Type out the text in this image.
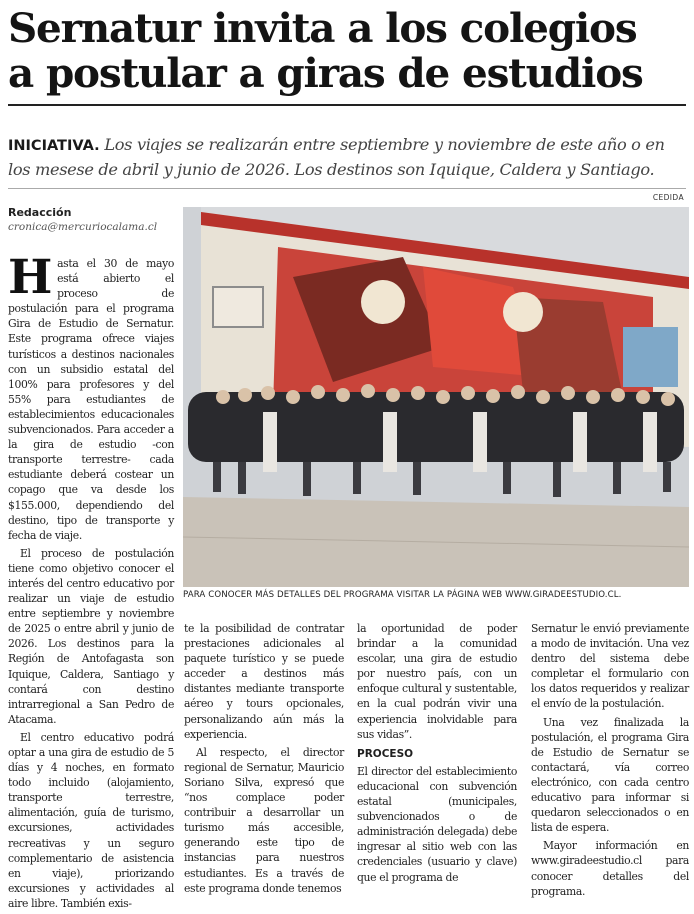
Sernatur invita a los colegios
a postular a giras de estudios
INICIATIVA. Los viajes se realizarán entre septiembre y noviembre de este año o en los mesese de abril y junio de 2026. Los destinos son Iquique, Caldera y Santiago.
Redacción
cronica@mercuriocalama.cl
CEDIDA
PARA CONOCER MÁS DETALLES DEL PROGRAMA VISITAR LA PÁGINA WEB WWW.GIRADEESTUDIO.CL.

Hasta el 30 de mayo está abierto el proceso de postulación para el programa Gira de Estudio de Sernatur. Este programa ofrece viajes turísticos a destinos nacionales con un subsidio estatal del 100% para profesores y del 55% para estudiantes de establecimientos educacionales subvencionados. Para acceder a la gira de estudio -con transporte terrestre- cada estudiante deberá costear un copago que va desde los $155.000, dependiendo del destino, tipo de transporte y fecha de viaje.

El proceso de postulación tiene como objetivo conocer el interés del centro educativo por realizar un viaje de estudio entre septiembre y noviembre de 2025 o entre abril y junio de 2026. Los destinos para la Región de Antofagasta son Iquique, Caldera, Santiago y contará con destino intrarregional a San Pedro de Atacama.

El centro educativo podrá optar a una gira de estudio de 5 días y 4 noches, en formato todo incluido (alojamiento, transporte terrestre, alimentación, guía de turismo, excursiones, actividades recreativas y un seguro complementario de asistencia en viaje), priorizando excursiones y actividades al aire libre. También exis-

te la posibilidad de contratar prestaciones adicionales al paquete turístico y se puede acceder a destinos más distantes mediante transporte aéreo y tours opcionales, personalizando aún más la experiencia.

Al respecto, el director regional de Sernatur, Mauricio Soriano Silva, expresó que “nos complace poder contribuir a desarrollar un turismo más accesible, generando este tipo de instancias para nuestros estudiantes. Es a través de este programa donde tenemos

la oportunidad de poder brindar a la comunidad escolar, una gira de estudio por nuestro país, con un enfoque cultural y sustentable, en la cual podrán vivir una experiencia inolvidable para sus vidas”.

PROCESO

El director del establecimiento educacional con subvención estatal (municipales, subvencionados o de administración delegada) debe ingresar al sitio web con las credenciales (usuario y clave) que el programa de

Sernatur le envió previamente a modo de invitación. Una vez dentro del sistema debe completar el formulario con los datos requeridos y realizar el envío de la postulación.

Una vez finalizada la postulación, el programa Gira de Estudio de Sernatur se contactará, vía correo electrónico, con cada centro educativo para informar si quedaron seleccionados o en lista de espera.

Mayor información en www.giradeestudio.cl para conocer detalles del programa.
